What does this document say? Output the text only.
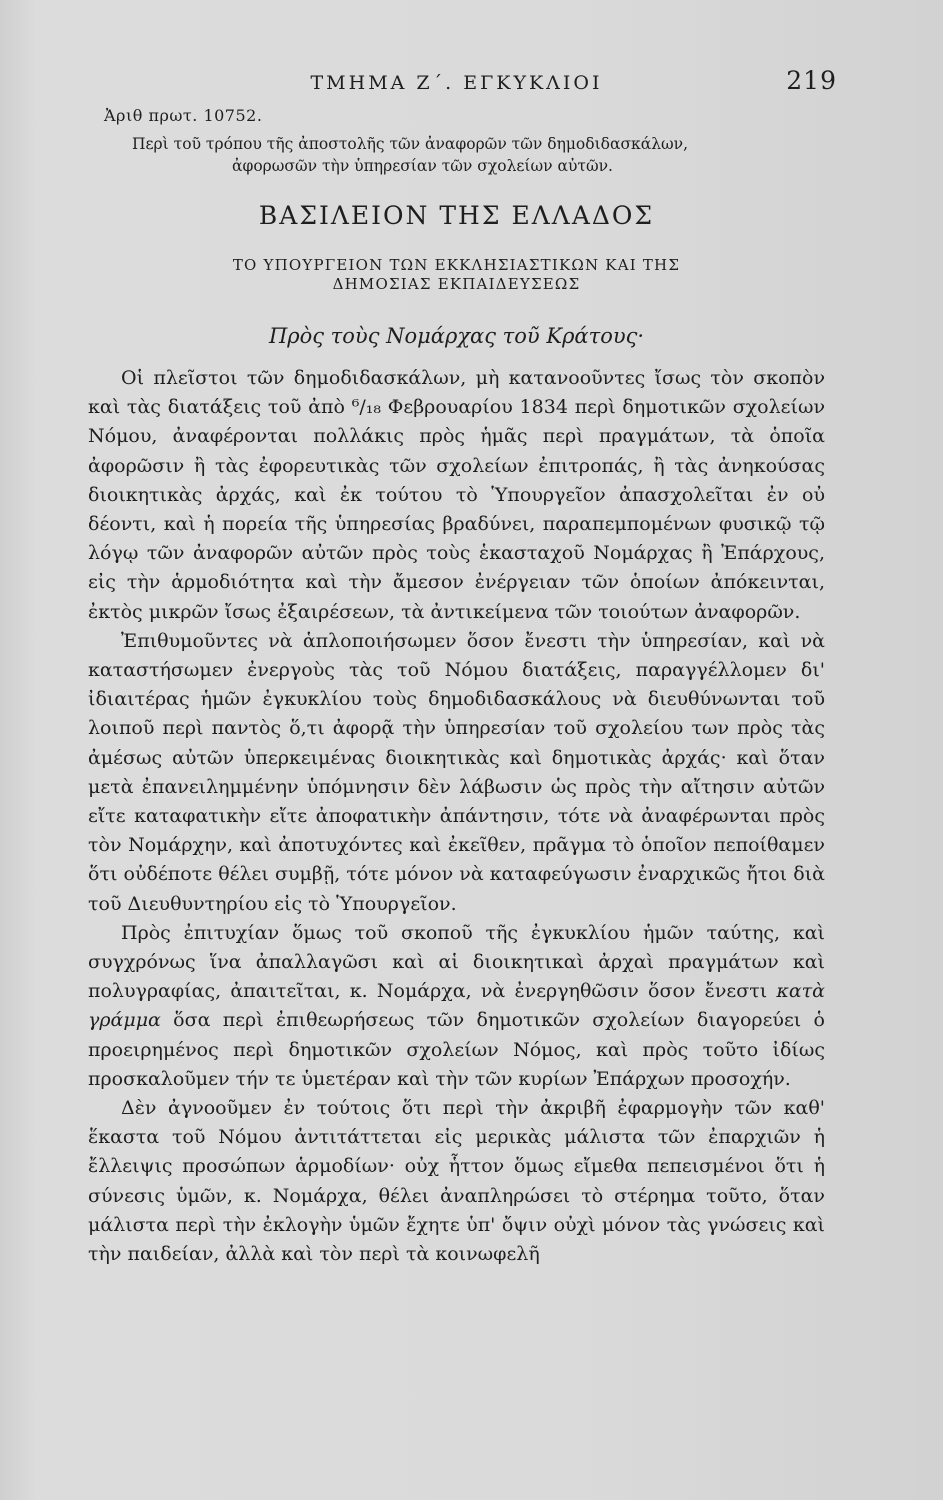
ΤΜΗΜΑ Ζ΄. ΕΓΚΥΚΛΙΟΙ	219
Ἀριθ πρωτ. 10752.
Περὶ τοῦ τρόπου τῆς ἀποστολῆς τῶν ἀναφορῶν τῶν δημοδιδασκάλων,
ἀφορωσῶν τὴν ὑπηρεσίαν τῶν σχολείων αὐτῶν.
ΒΑΣΙΛΕΙΟΝ ΤΗΣ ΕΛΛΑΔΟΣ
ΤΟ ΥΠΟΥΡΓΕΙΟΝ ΤΩΝ ΕΚΚΛΗΣΙΑΣΤΙΚΩΝ ΚΑΙ ΤΗΣ
ΔΗΜΟΣΙΑΣ ΕΚΠΑΙΔΕΥΣΕΩΣ
Πρὸς τοὺς Νομάρχας τοῦ Κράτους·

Οἱ πλεῖστοι τῶν δημοδιδασκάλων, μὴ κατανοοῦντες ἴσως τὸν σκοπὸν καὶ τὰς διατάξεις τοῦ ἀπὸ ⁶/₁₈ Φεβρουαρίου 1834 περὶ δημοτικῶν σχολείων Νόμου, ἀναφέρονται πολλάκις πρὸς ἡμᾶς περὶ πραγμάτων, τὰ ὁποῖα ἀφορῶσιν ἢ τὰς ἐφορευτικὰς τῶν σχολείων ἐπιτροπάς, ἢ τὰς ἀνηκούσας διοικητικὰς ἀρχάς, καὶ ἐκ τούτου τὸ Ὑπουργεῖον ἀπασχολεῖται ἐν οὐ δέοντι, καὶ ἡ πορεία τῆς ὑπηρεσίας βραδύνει, παραπεμπομένων φυσικῷ τῷ λόγῳ τῶν ἀναφορῶν αὐτῶν πρὸς τοὺς ἑκασταχοῦ Νομάρχας ἢ Ἐπάρχους, εἰς τὴν ἁρμοδιότητα καὶ τὴν ἄμεσον ἐνέργειαν τῶν ὁποίων ἀπόκεινται, ἐκτὸς μικρῶν ἴσως ἐξαιρέσεων, τὰ ἀντικείμενα τῶν τοιούτων ἀναφορῶν.

Ἐπιθυμοῦντες νὰ ἁπλοποιήσωμεν ὅσον ἔνεστι τὴν ὑπηρεσίαν, καὶ νὰ καταστήσωμεν ἐνεργοὺς τὰς τοῦ Νόμου διατάξεις, παραγγέλλομεν δι' ἰδιαιτέρας ἡμῶν ἐγκυκλίου τοὺς δημοδιδασκάλους νὰ διευθύνωνται τοῦ λοιποῦ περὶ παντὸς ὅ,τι ἀφορᾷ τὴν ὑπηρεσίαν τοῦ σχολείου των πρὸς τὰς ἀμέσως αὐτῶν ὑπερκειμένας διοικητικὰς καὶ δημοτικὰς ἀρχάς· καὶ ὅταν μετὰ ἐπανειλημμένην ὑπόμνησιν δὲν λάβωσιν ὡς πρὸς τὴν αἴτησιν αὐτῶν εἴτε καταφατικὴν εἴτε ἀποφατικὴν ἀπάντησιν, τότε νὰ ἀναφέρωνται πρὸς τὸν Νομάρχην, καὶ ἀποτυχόντες καὶ ἐκεῖθεν, πρᾶγμα τὸ ὁποῖον πεποίθαμεν ὅτι οὐδέποτε θέλει συμβῇ, τότε μόνον νὰ καταφεύγωσιν ἐναρχικῶς ἤτοι διὰ τοῦ Διευθυντηρίου εἰς τὸ Ὑπουργεῖον.

Πρὸς ἐπιτυχίαν ὅμως τοῦ σκοποῦ τῆς ἐγκυκλίου ἡμῶν ταύτης, καὶ συγχρόνως ἵνα ἀπαλλαγῶσι καὶ αἱ διοικητικαὶ ἀρχαὶ πραγμάτων καὶ πολυγραφίας, ἀπαιτεῖται, κ. Νομάρχα, νὰ ἐνεργηθῶσιν ὅσον ἔνεστι κατὰ γράμμα ὅσα περὶ ἐπιθεωρήσεως τῶν δημοτικῶν σχολείων διαγορεύει ὁ προειρημένος περὶ δημοτικῶν σχολείων Νόμος, καὶ πρὸς τοῦτο ἰδίως προσκαλοῦμεν τήν τε ὑμετέραν καὶ τὴν τῶν κυρίων Ἐπάρχων προσοχήν.

Δὲν ἀγνοοῦμεν ἐν τούτοις ὅτι περὶ τὴν ἀκριβῆ ἐφαρμογὴν τῶν καθ' ἕκαστα τοῦ Νόμου ἀντιτάττεται εἰς μερικὰς μάλιστα τῶν ἐπαρχιῶν ἡ ἔλλειψις προσώπων ἁρμοδίων· οὐχ ἧττον ὅμως εἴμεθα πεπεισμένοι ὅτι ἡ σύνεσις ὑμῶν, κ. Νομάρχα, θέλει ἀναπληρώσει τὸ στέρημα τοῦτο, ὅταν μάλιστα περὶ τὴν ἐκλογὴν ὑμῶν ἔχητε ὑπ' ὄψιν οὐχὶ μόνον τὰς γνώσεις καὶ τὴν παιδείαν, ἀλλὰ καὶ τὸν περὶ τὰ κοινωφελῆ
